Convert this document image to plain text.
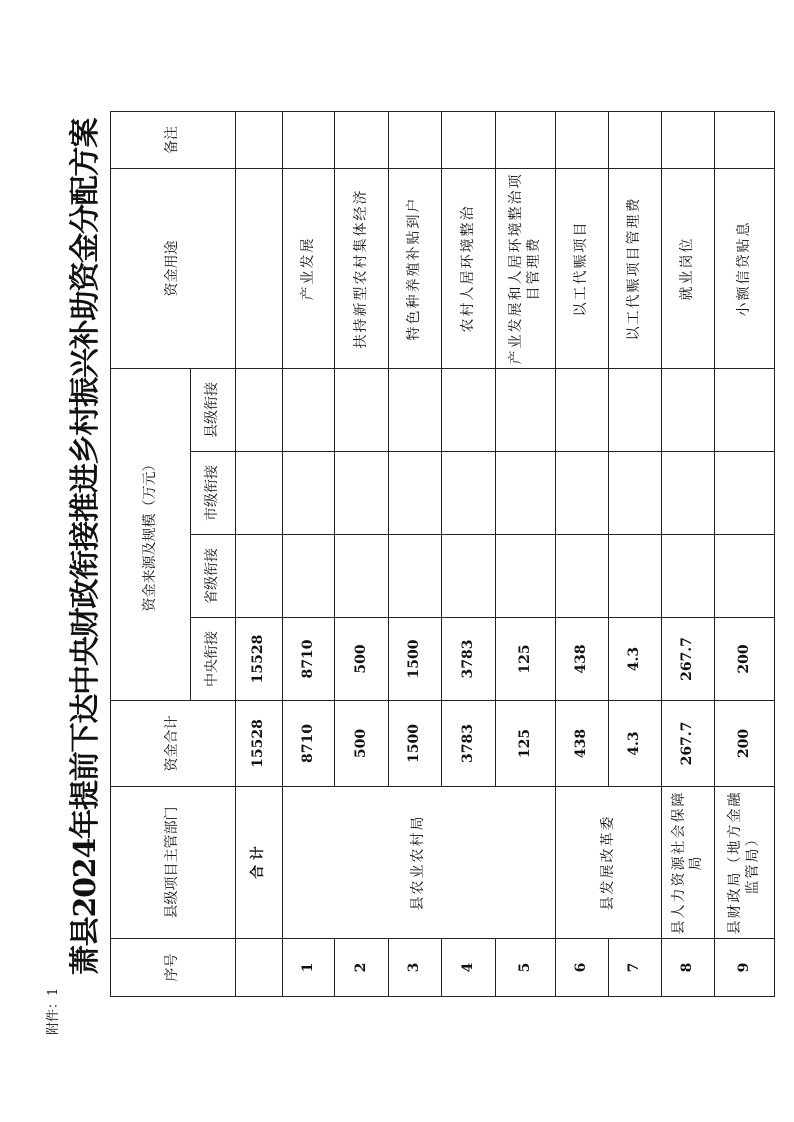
附件：1
萧县2024年提前下达中央财政衔接推进乡村振兴补助资金分配方案	序号	县级项目主管部门	资金合计	资金来源及规模（万元）				资金用途	备注
			中央衔接	省级衔接	市级衔接	县级衔接		
	合 计	15528	15528					
1	县农业农村局	8710	8710				产业发展	
2		500	500				扶持新型农村集体经济	
3		1500	1500				特色种养殖补贴到户	
4		3783	3783				农村人居环境整治	
5		125	125				产业发展和人居环境整治项目管理费	
6	县发展改革委	438	438				以工代赈项目	
7		4.3	4.3				以工代赈项目管理费	
8	县人力资源社会保障局	267.7	267.7				就业岗位	
9	县财政局（地方金融监管局）	200	200				小额信贷贴息	
